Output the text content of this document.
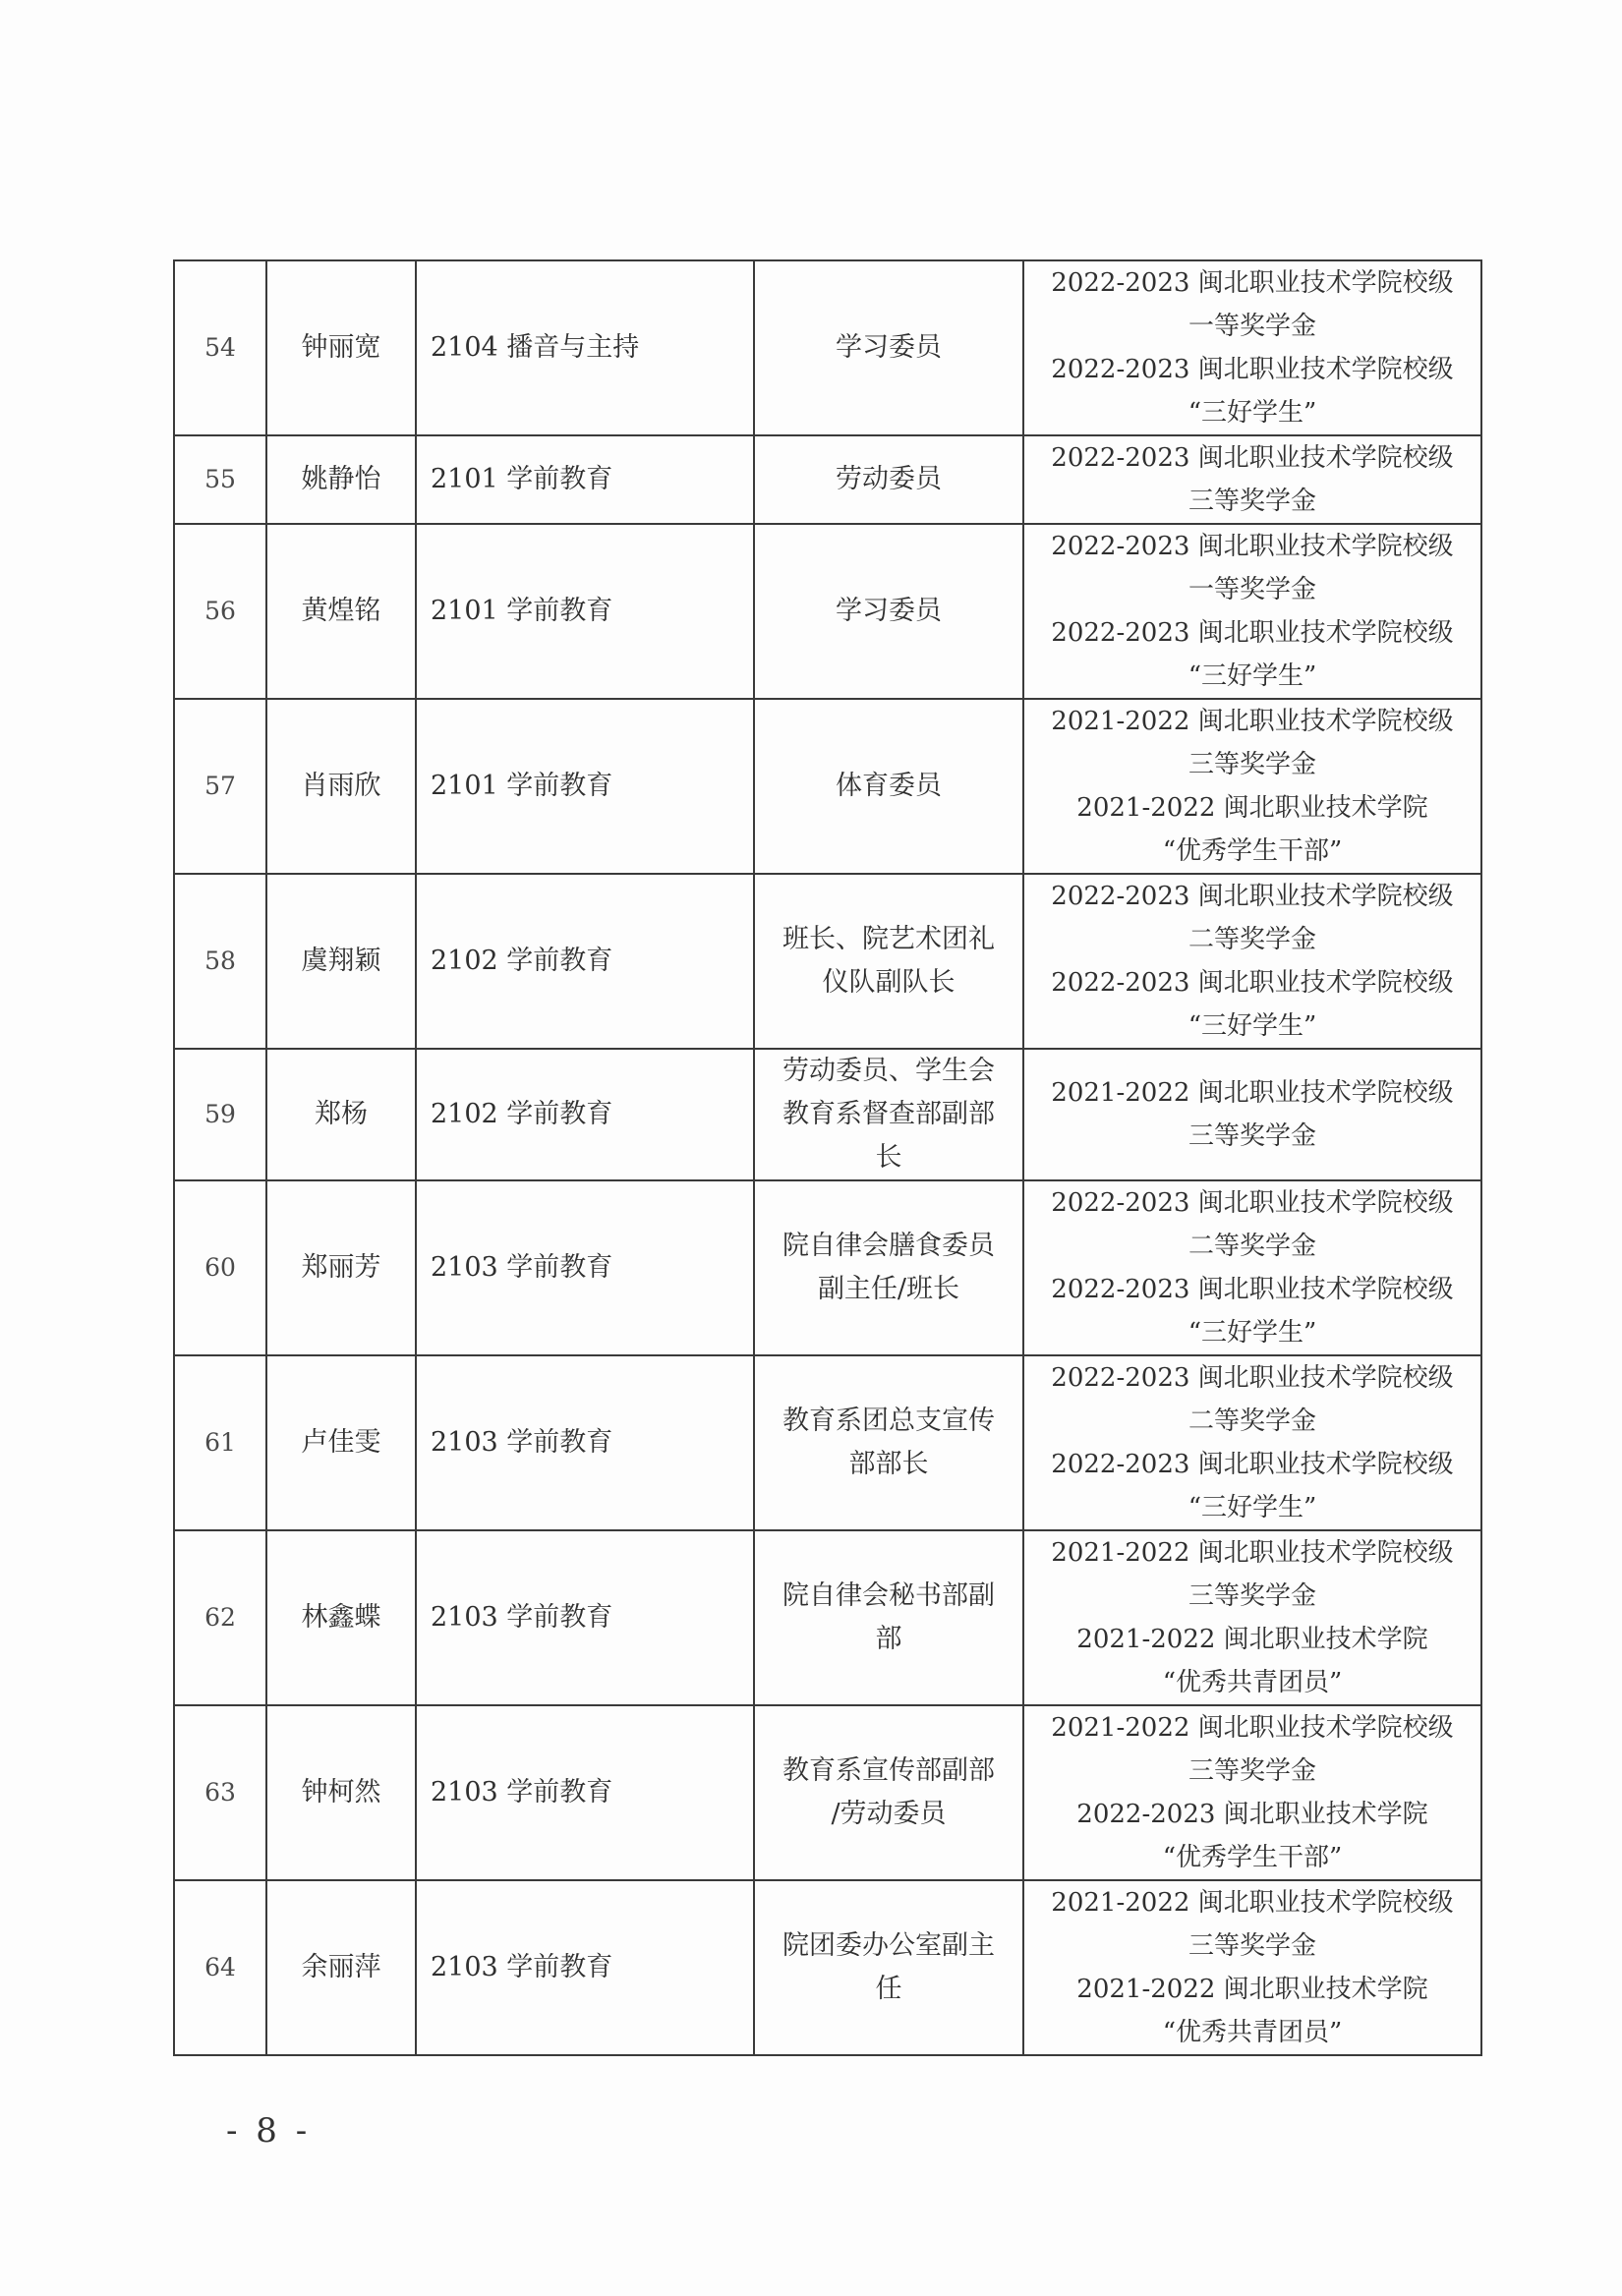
54	钟丽宽	2104 播音与主持	学习委员	2022-2023 闽北职业技术学院校级
一等奖学金
2022-2023 闽北职业技术学院校级
“三好学生”

55	姚静怡	2101 学前教育	劳动委员	2022-2023 闽北职业技术学院校级
三等奖学金

56	黄煌铭	2101 学前教育	学习委员	2022-2023 闽北职业技术学院校级
一等奖学金
2022-2023 闽北职业技术学院校级
“三好学生”

57	肖雨欣	2101 学前教育	体育委员	2021-2022 闽北职业技术学院校级
三等奖学金
2021-2022 闽北职业技术学院
“优秀学生干部”

58	虞翔颖	2102 学前教育	班长、院艺术团礼
仪队副队长	2022-2023 闽北职业技术学院校级
二等奖学金
2022-2023 闽北职业技术学院校级
“三好学生”

59	郑杨	2102 学前教育	劳动委员、学生会
教育系督查部副部
长	2021-2022 闽北职业技术学院校级
三等奖学金

60	郑丽芳	2103 学前教育	院自律会膳食委员
副主任/班长	2022-2023 闽北职业技术学院校级
二等奖学金
2022-2023 闽北职业技术学院校级
“三好学生”

61	卢佳雯	2103 学前教育	教育系团总支宣传
部部长	2022-2023 闽北职业技术学院校级
二等奖学金
2022-2023 闽北职业技术学院校级
“三好学生”

62	林鑫蝶	2103 学前教育	院自律会秘书部副
部	2021-2022 闽北职业技术学院校级
三等奖学金
2021-2022 闽北职业技术学院
“优秀共青团员”

63	钟柯然	2103 学前教育	教育系宣传部副部
/劳动委员	2021-2022 闽北职业技术学院校级
三等奖学金
2022-2023 闽北职业技术学院
“优秀学生干部”

64	余丽萍	2103 学前教育	院团委办公室副主
任	2021-2022 闽北职业技术学院校级
三等奖学金
2021-2022 闽北职业技术学院
“优秀共青团员”
- 8 -
